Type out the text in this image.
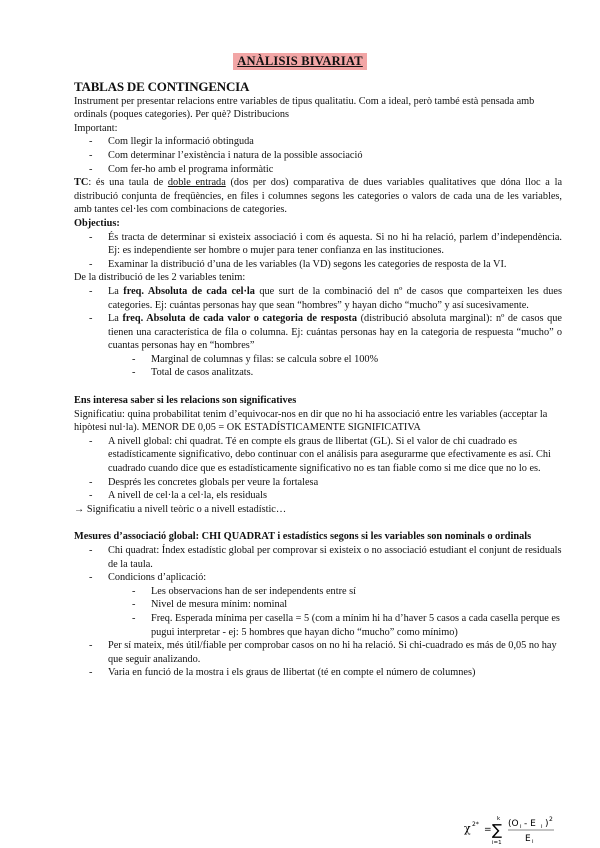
ANÀLISIS BIVARIAT
TABLAS DE CONTINGENCIA

Instrument per presentar relacions entre variables de tipus qualitatiu. Com a ideal, però també està pensada amb ordinals (poques categories). Per què? Distribucions

Important:

- Com llegir la informació obtinguda
- Com determinar l’existència i natura de la possible associació
- Com fer-ho amb el programa informàtic

TC: és una taula de doble entrada (dos per dos) comparativa de dues variables qualitatives que dóna lloc a la distribució conjunta de freqüències, en files i columnes segons les categories o valors de cada una de les variables, amb tantes cel·les com combinacions de categories.

Objectius:

- És tracta de determinar si existeix associació i com és aquesta. Si no hi ha relació, parlem d’independència. Ej: es independiente ser hombre o mujer para tener confianza en las instituciones.
- Examinar la distribució d’una de les variables (la VD) segons les categories de resposta de la VI.

De la distribució de les 2 variables tenim:

- La freq. Absoluta de cada cel·la que surt de la combinació del nº de casos que comparteixen les dues categories. Ej: cuántas personas hay que sean “hombres” y hayan dicho “mucho” y así sucesivamente.
- La freq. Absoluta de cada valor o categoria de resposta (distribució absoluta marginal): nº de casos que tienen una característica de fila o columna. Ej: cuántas personas hay en la categoria de respuesta “mucho” o cuantas personas hay en “hombres”
- Marginal de columnas y filas: se calcula sobre el 100%
- Total de casos analitzats.

Ens interesa saber si les relacions son significatives

Significatiu: quina probabilitat tenim d’equivocar-nos en dir que no hi ha associació entre les variables (acceptar la hipòtesi nul·la). MENOR DE 0,05 = OK ESTADÍSTICAMENTE SIGNIFICATIVA

- A nivell global: chi quadrat. Té en compte els graus de llibertat (GL). Si el valor de chi cuadrado es estadísticamente significativo, debo continuar con el análisis para asegurarme que efectivamente es así. Chi cuadrado cuando dice que es estadísticamente significativo no es tan fiable como si me dice que no lo es.
- Després les concretes globals per veure la fortalesa
- A nivell de cel·la a cel·la, els residuals

→ Significatiu a nivell teòric o a nivell estadístic…

Mesures d’associació global: CHI QUADRAT i estadístics segons si les variables son nominals o ordinals

- Chi quadrat: Índex estadístic global per comprovar si existeix o no associació estudiant el conjunt de residuals de la taula.
- Condicions d’aplicació:
- Les observacions han de ser independents entre sí
- Nivel de mesura mínim: nominal
- Freq. Esperada mínima per casella = 5 (com a mínim hi ha d’haver 5 casos a cada casella perque es pugui interpretar - ej: 5 hombres que hayan dicho “mucho” como mínimo)
- Per sí mateix, més útil/fiable per comprobar casos on no hi ha relació. Si chi-cuadrado es más de 0,05 no hay que seguir analizando.
- Varia en funció de la mostra i els graus de llibertat (té en compte el número de columnes)
χ 2*
=
k
∑
i=1
(O i - E i ) 2
E i
